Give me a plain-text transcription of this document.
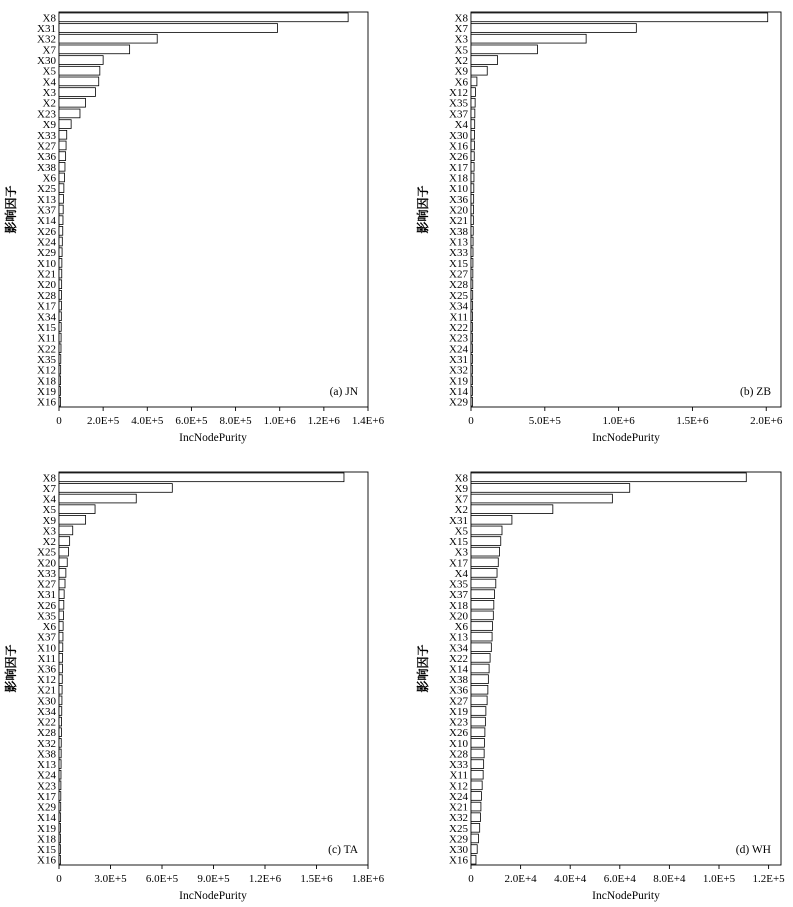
X8
X31
X32
X7
X30
X5
X4
X3
X2
X23
X9
X33
X27
X36
X38
X6
X25
X13
X37
X14
X26
X24
X29
X10
X21
X20
X28
X17
X34
X15
X11
X22
X35
X12
X18
X19
X16
0 2.0E+5 4.0E+5 6.0E+5 8.0E+5 1.0E+6 1.2E+6 1.4E+6
(a) JN
IncNodePurity
影响因子
X8
X7
X3
X5
X2
X9
X6
X12
X35
X37
X4
X30
X16
X26
X17
X18
X10
X36
X20
X21
X38
X13
X33
X15
X27
X28
X25
X34
X11
X22
X23
X24
X31
X32
X19
X14
X29
0	5.0E+5	1.0E+6	1.5E+6	2.0E+6
(b) ZB
IncNodePurity
影响因子
X8
X7
X4
X5
X9
X3
X2
X25
X20
X33
X27
X31
X26
X35
X6
X37
X10
X11
X36
X12
X21
X30
X34
X22
X28
X32
X38
X13
X24
X23
X17
X29
X14
X19
X18
X15
X16
0	3.0E+5 6.0E+5 9.0E+5 1.2E+6 1.5E+6 1.8E+6
(c) TA
IncNodePurity
影响因子
X8
X9
X7
X2
X31
X5
X15
X3
X17
X4
X35
X37
X18
X20
X6
X13
X34
X22
X14
X38
X36
X27
X19
X23
X26
X10
X28
X33
X11
X12
X24
X21
X32
X25
X29
X30
X16
0	2.0E+4 4.0E+4 6.0E+4 8.0E+4 1.0E+5 1.2E+5
(d) WH
IncNodePurity
影响因子
